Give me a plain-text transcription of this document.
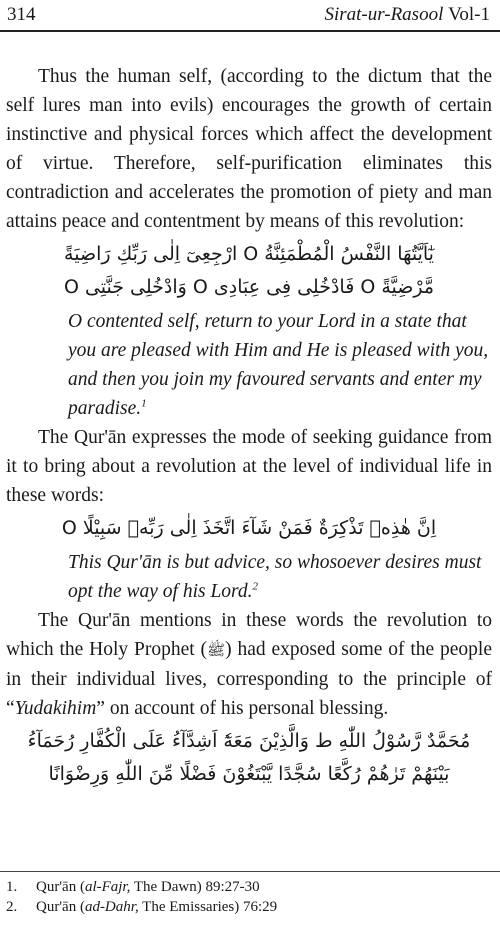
314	Sirat-ur-Rasool Vol-1

Thus the human self, (according to the dictum that the self lures man into evils) encourages the growth of certain instinctive and physical forces which affect the development of virtue. Therefore, self-purification eliminates this contradiction and accelerates the promotion of piety and man attains peace and contentment by means of this revolution:

يٰٓاَيَّتُهَا النَّفْسُ الْمُطْمَئِنَّةُ O ارْجِعِیٓ اِلٰى رَبِّكِ رَاضِيَةً
مَّرْضِيَّةً O فَادْخُلِی فِی عِبَادِی O وَادْخُلِی جَنَّتِی O

O contented self, return to your Lord in a state that you are pleased with Him and He is pleased with you, and then you join my favoured servants and enter my paradise.$^1$

The Qur'ān expresses the mode of seeking guidance from it to bring about a revolution at the level of individual life in these words:

اِنَّ هٰذِهٖ تَذْكِرَةٌ فَمَنْ شَآءَ اتَّخَذَ اِلٰى رَبِّهٖ سَبِيْلًا O

This Qur'ān is but advice, so whosoever desires must opt the way of his Lord.$^2$

The Qur'ān mentions in these words the revolution to which the Holy Prophet (ﷺ) had exposed some of the people in their individual lives, corresponding to the principle of “Yudakihim” on account of his personal blessing.

مُحَمَّدٌ رَّسُوْلُ اللّٰهِ ط وَالَّذِيْنَ مَعَهٗٓ اَشِدَّآءُ عَلَى الْكُفَّارِ رُحَمَآءُ
بَيْنَهُمْ تَرٰهُمْ رُكَّعًا سُجَّدًا يَّبْتَغُوْنَ فَضْلًا مِّنَ اللّٰهِ وَرِضْوَانًا
1.	Qur'ān (al-Fajr, The Dawn) 89:27-30
2.	Qur'ān (ad-Dahr, The Emissaries) 76:29
